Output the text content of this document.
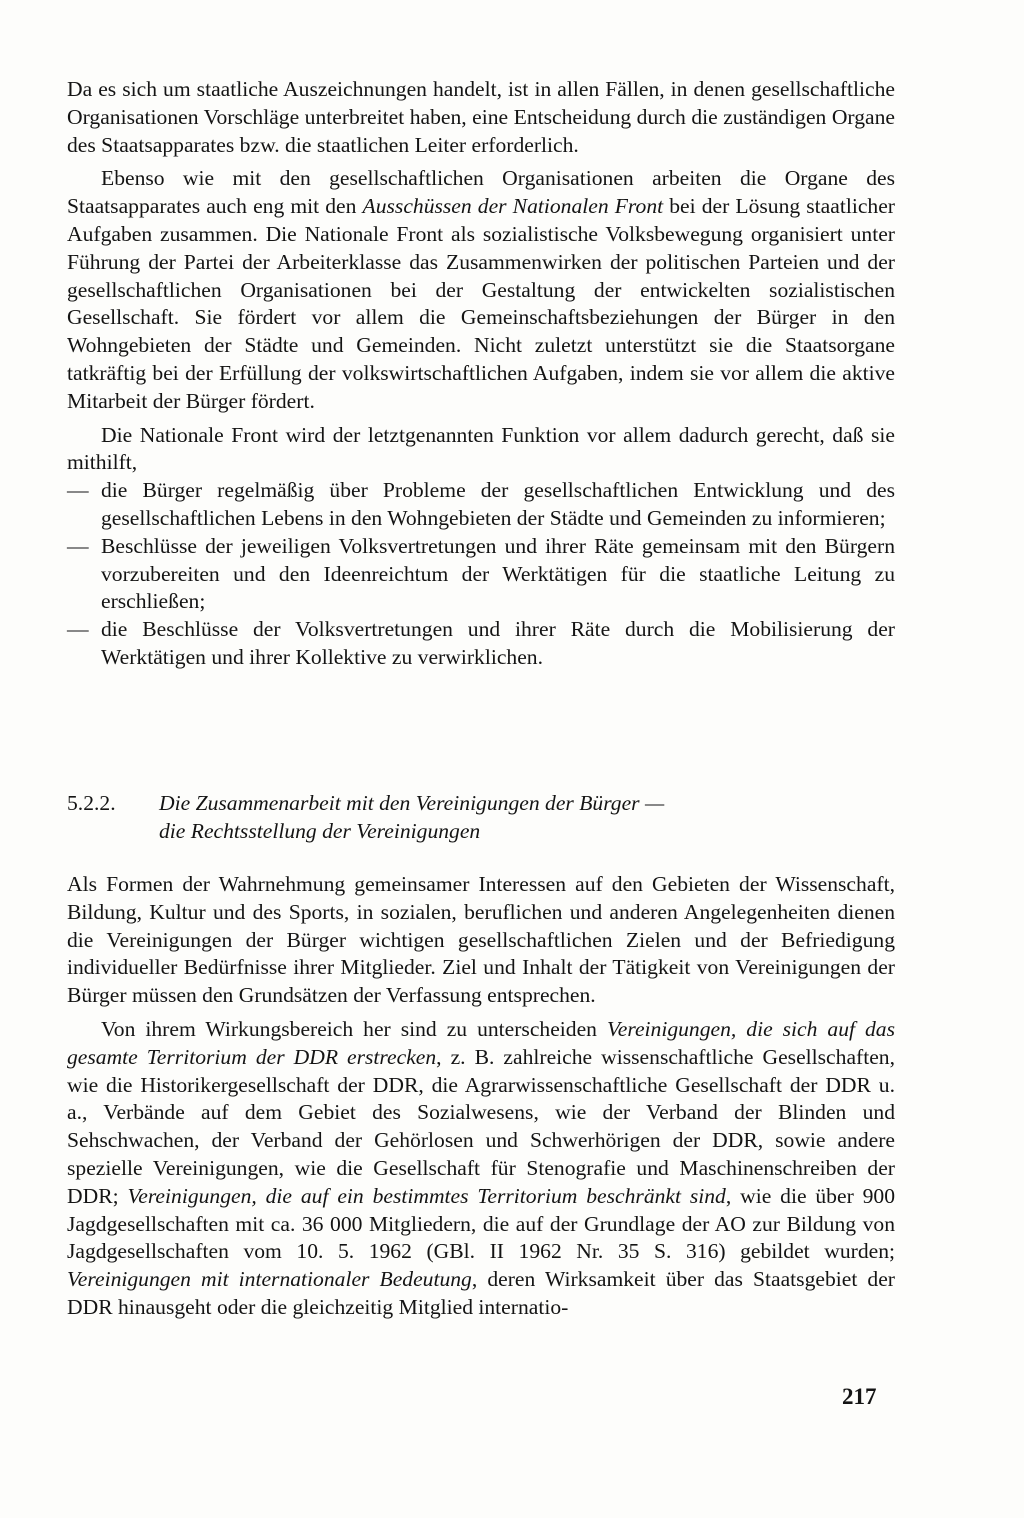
Da es sich um staatliche Auszeichnungen handelt, ist in allen Fällen, in denen gesellschaftliche Organisationen Vorschläge unterbreitet haben, eine Entscheidung durch die zuständigen Organe des Staatsapparates bzw. die staatlichen Leiter erforderlich.

Ebenso wie mit den gesellschaftlichen Organisationen arbeiten die Organe des Staatsapparates auch eng mit den Ausschüssen der Nationalen Front bei der Lösung staatlicher Aufgaben zusammen. Die Nationale Front als sozialistische Volksbewegung organisiert unter Führung der Partei der Arbeiterklasse das Zusammenwirken der politischen Parteien und der gesellschaftlichen Organisationen bei der Gestaltung der entwickelten sozialistischen Gesellschaft. Sie fördert vor allem die Gemeinschaftsbeziehungen der Bürger in den Wohngebieten der Städte und Gemeinden. Nicht zuletzt unterstützt sie die Staatsorgane tatkräftig bei der Erfüllung der volkswirtschaftlichen Aufgaben, indem sie vor allem die aktive Mitarbeit der Bürger fördert.

Die Nationale Front wird der letztgenannten Funktion vor allem dadurch gerecht, daß sie mithilft,

— die Bürger regelmäßig über Probleme der gesellschaftlichen Entwicklung und des gesellschaftlichen Lebens in den Wohngebieten der Städte und Gemeinden zu informieren;
— Beschlüsse der jeweiligen Volksvertretungen und ihrer Räte gemeinsam mit den Bürgern vorzubereiten und den Ideenreichtum der Werktätigen für die staatliche Leitung zu erschließen;
— die Beschlüsse der Volksvertretungen und ihrer Räte durch die Mobilisierung der Werktätigen und ihrer Kollektive zu verwirklichen.
5.2.2. Die Zusammenarbeit mit den Vereinigungen der Bürger —
die Rechtsstellung der Vereinigungen

Als Formen der Wahrnehmung gemeinsamer Interessen auf den Gebieten der Wissenschaft, Bildung, Kultur und des Sports, in sozialen, beruflichen und anderen Angelegenheiten dienen die Vereinigungen der Bürger wichtigen gesellschaftlichen Zielen und der Befriedigung individueller Bedürfnisse ihrer Mitglieder. Ziel und Inhalt der Tätigkeit von Vereinigungen der Bürger müssen den Grundsätzen der Verfassung entsprechen.

Von ihrem Wirkungsbereich her sind zu unterscheiden Vereinigungen, die sich auf das gesamte Territorium der DDR erstrecken, z. B. zahlreiche wissenschaftliche Gesellschaften, wie die Historikergesellschaft der DDR, die Agrarwissenschaftliche Gesellschaft der DDR u. a., Verbände auf dem Gebiet des Sozialwesens, wie der Verband der Blinden und Sehschwachen, der Verband der Gehörlosen und Schwerhörigen der DDR, sowie andere spezielle Vereinigungen, wie die Gesellschaft für Stenografie und Maschinenschreiben der DDR; Vereinigungen, die auf ein bestimmtes Territorium beschränkt sind, wie die über 900 Jagdgesellschaften mit ca. 36 000 Mitgliedern, die auf der Grundlage der AO zur Bildung von Jagdgesellschaften vom 10. 5. 1962 (GBl. II 1962 Nr. 35 S. 316) gebildet wurden; Vereinigungen mit internationaler Bedeutung, deren Wirksamkeit über das Staatsgebiet der DDR hinausgeht oder die gleichzeitig Mitglied internatio-

217
